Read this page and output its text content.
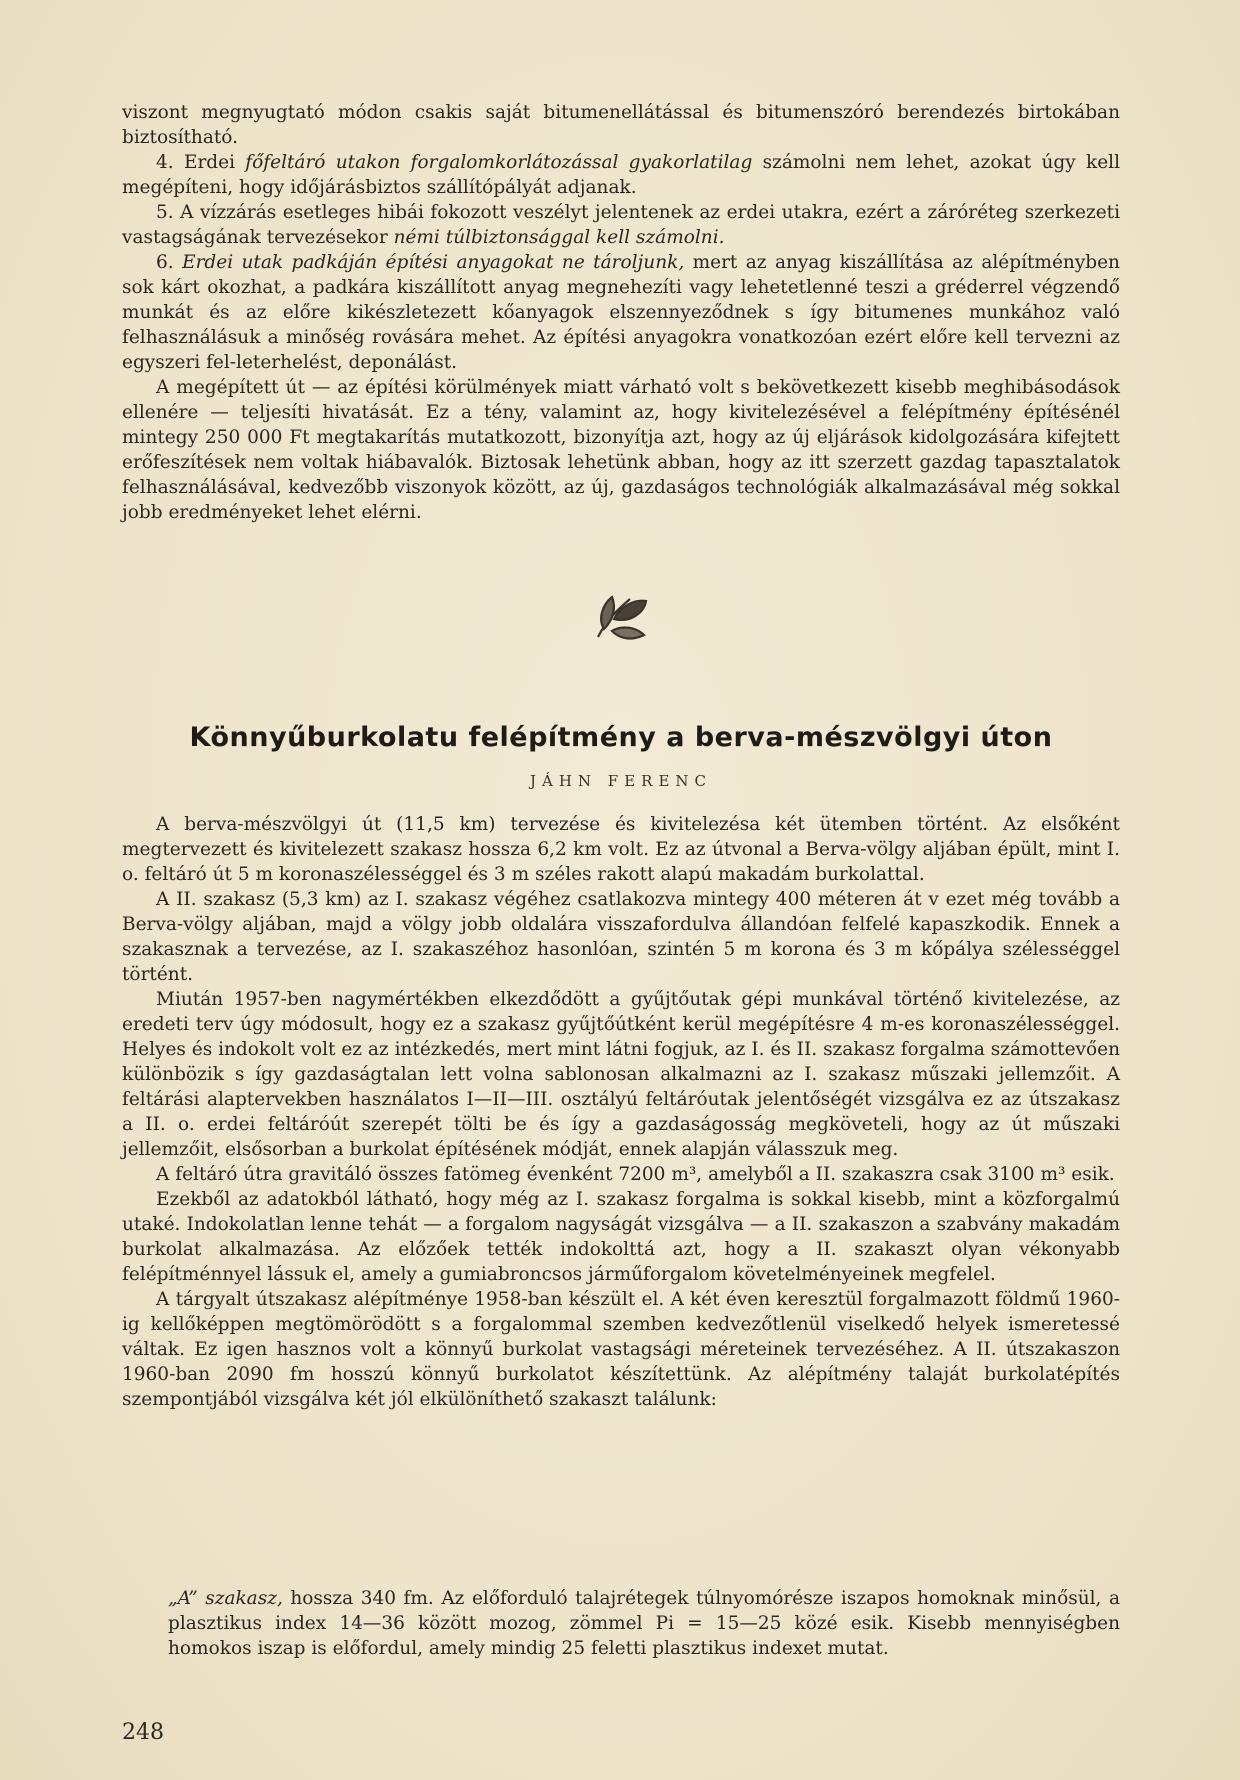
viszont megnyugtató módon csakis saját bitumenellátással és bitumenszóró berendezés birtokában biztosítható.

4. Erdei főfeltáró utakon forgalomkorlátozással gyakorlatilag számolni nem lehet, azokat úgy kell megépíteni, hogy időjárásbiztos szállítópályát adjanak.

5. A vízzárás esetleges hibái fokozott veszélyt jelentenek az erdei utakra, ezért a záróréteg szerkezeti vastagságának tervezésekor némi túlbiztonsággal kell számolni.

6. Erdei utak padkáján építési anyagokat ne tároljunk, mert az anyag kiszállítása az alépítményben sok kárt okozhat, a padkára kiszállított anyag megnehezíti vagy lehetetlenné teszi a gréderrel végzendő munkát és az előre kikészletezett kőanyagok elszennyeződnek s így bitumenes munkához való felhasználásuk a minőség rovására mehet. Az építési anyagokra vonatkozóan ezért előre kell tervezni az egyszeri fel-leterhelést, deponálást.

A megépített út — az építési körülmények miatt várható volt s bekövetkezett kisebb meghibásodások ellenére — teljesíti hivatását. Ez a tény, valamint az, hogy kivitelezésével a felépítmény építésénél mintegy 250 000 Ft megtakarítás mutatkozott, bizonyítja azt, hogy az új eljárások kidolgozására kifejtett erőfeszítések nem voltak hiábavalók. Biztosak lehetünk abban, hogy az itt szerzett gazdag tapasztalatok felhasználásával, kedvezőbb viszonyok között, az új, gazdaságos technológiák alkalmazásával még sokkal jobb eredményeket lehet elérni.

Könnyűburkolatu felépítmény a berva-mészvölgyi úton
JÁHN FERENC

A berva-mészvölgyi út (11,5 km) tervezése és kivitelezésa két ütemben történt. Az elsőként megtervezett és kivitelezett szakasz hossza 6,2 km volt. Ez az útvonal a Berva-völgy aljában épült, mint I. o. feltáró út 5 m koronaszélességgel és 3 m széles rakott alapú makadám burkolattal.

A II. szakasz (5,3 km) az I. szakasz végéhez csatlakozva mintegy 400 méteren át v ezet még tovább a Berva-völgy aljában, majd a völgy jobb oldalára visszafordulva állandóan felfelé kapaszkodik. Ennek a szakasznak a tervezése, az I. szakaszéhoz hasonlóan, szintén 5 m korona és 3 m kőpálya szélességgel történt.

Miután 1957-ben nagymértékben elkezdődött a gyűjtőutak gépi munkával történő kivitelezése, az eredeti terv úgy módosult, hogy ez a szakasz gyűjtőútként kerül megépítésre 4 m-es koronaszélességgel. Helyes és indokolt volt ez az intézkedés, mert mint látni fogjuk, az I. és II. szakasz forgalma számottevően különbözik s így gazdaságtalan lett volna sablonosan alkalmazni az I. szakasz műszaki jellemzőit. A feltárási alaptervekben használatos I—II—III. osztályú feltáróutak jelentőségét vizsgálva ez az útszakasz a II. o. erdei feltáróút szerepét tölti be és így a gazdaságosság megköveteli, hogy az út műszaki jellemzőit, elsősorban a burkolat építésének módját, ennek alapján válasszuk meg.

A feltáró útra gravitáló összes fatömeg évenként 7200 m³, amelyből a II. szakaszra csak 3100 m³ esik.

Ezekből az adatokból látható, hogy még az I. szakasz forgalma is sokkal kisebb, mint a közforgalmú utaké. Indokolatlan lenne tehát — a forgalom nagyságát vizsgálva — a II. szakaszon a szabvány makadám burkolat alkalmazása. Az előzőek tették indokolttá azt, hogy a II. szakaszt olyan vékonyabb felépítménnyel lássuk el, amely a gumiabroncsos járműforgalom követelményeinek megfelel.

A tárgyalt útszakasz alépítménye 1958-ban készült el. A két éven keresztül forgalmazott földmű 1960-ig kellőképpen megtömörödött s a forgalommal szemben kedvezőtlenül viselkedő helyek ismeretessé váltak. Ez igen hasznos volt a könnyű burkolat vastagsági méreteinek tervezéséhez. A II. útszakaszon 1960-ban 2090 fm hosszú könnyű burkolatot készítettünk. Az alépítmény talaját burkolatépítés szempontjából vizsgálva két jól elkülöníthető szakaszt találunk:

„A” szakasz, hossza 340 fm. Az előforduló talajrétegek túlnyomórésze iszapos homoknak minősül, a plasztikus index 14—36 között mozog, zömmel Pi = 15—25 közé esik. Kisebb mennyiségben homokos iszap is előfordul, amely mindig 25 feletti plasztikus indexet mutat.

248
